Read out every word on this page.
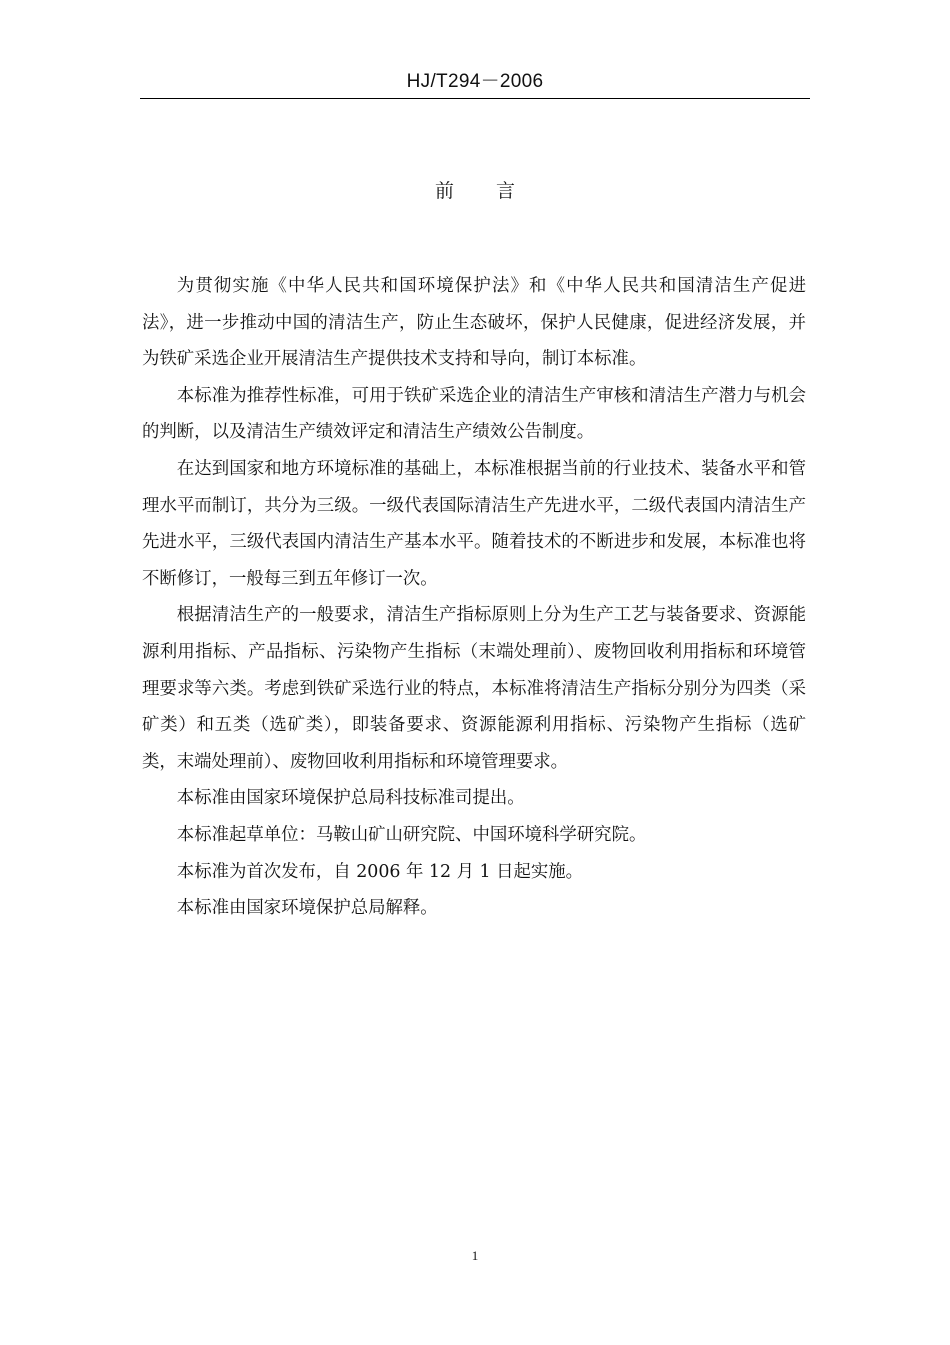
HJ/T294－2006
前 言

为贯彻实施《中华人民共和国环境保护法》和《中华人民共和国清洁生产促进法》，进一步推动中国的清洁生产，防止生态破坏，保护人民健康，促进经济发展，并为铁矿采选企业开展清洁生产提供技术支持和导向，制订本标准。

本标准为推荐性标准，可用于铁矿采选企业的清洁生产审核和清洁生产潜力与机会的判断，以及清洁生产绩效评定和清洁生产绩效公告制度。

在达到国家和地方环境标准的基础上，本标准根据当前的行业技术、装备水平和管理水平而制订，共分为三级。一级代表国际清洁生产先进水平，二级代表国内清洁生产先进水平，三级代表国内清洁生产基本水平。随着技术的不断进步和发展，本标准也将不断修订，一般每三到五年修订一次。

根据清洁生产的一般要求，清洁生产指标原则上分为生产工艺与装备要求、资源能源利用指标、产品指标、污染物产生指标（末端处理前）、废物回收利用指标和环境管理要求等六类。考虑到铁矿采选行业的特点，本标准将清洁生产指标分别分为四类（采矿类）和五类（选矿类），即装备要求、资源能源利用指标、污染物产生指标（选矿类，末端处理前）、废物回收利用指标和环境管理要求。

本标准由国家环境保护总局科技标准司提出。

本标准起草单位：马鞍山矿山研究院、中国环境科学研究院。

本标准为首次发布，自 2006 年 12 月 1 日起实施。

本标准由国家环境保护总局解释。

1
